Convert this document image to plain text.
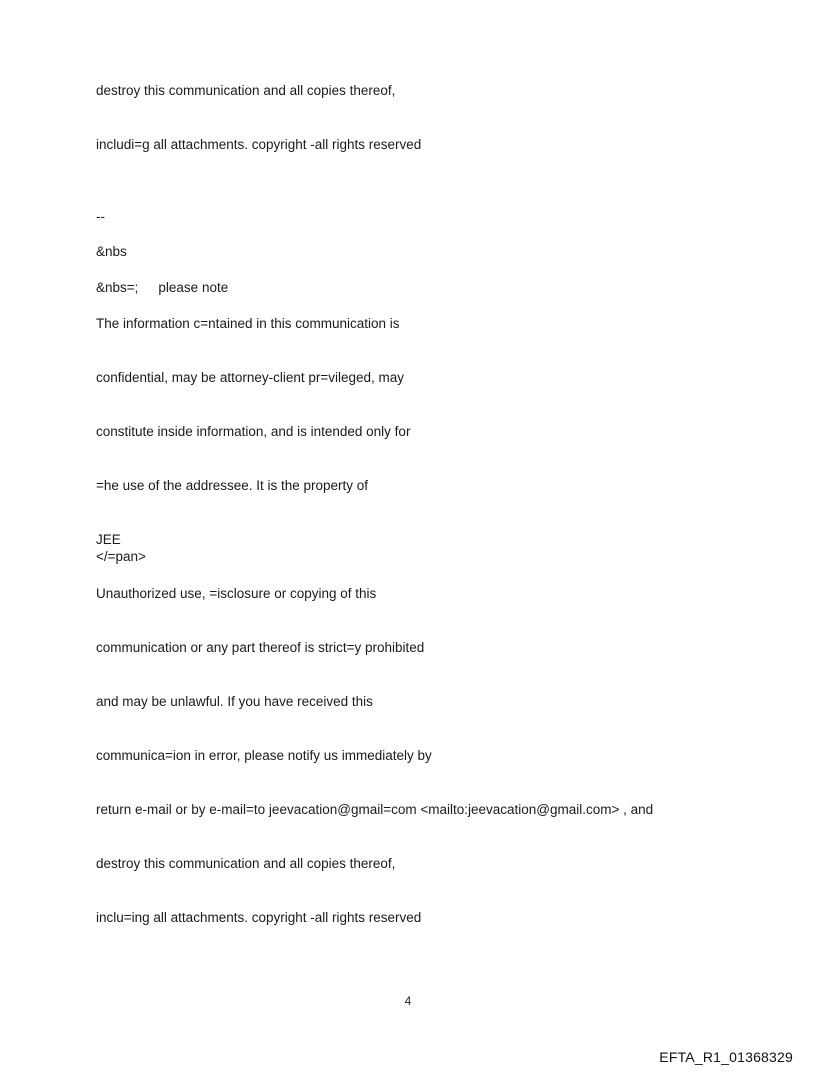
destroy this communication and all copies thereof,

includi=g all attachments. copyright -all rights reserved

--

&nbs

&nbs=; please note

The information c=ntained in this communication is

confidential, may be attorney-client pr=vileged, may

constitute inside information, and is intended only for

=he use of the addressee. It is the property of

JEE

Unauthorized use, =isclosure or copying of this

communication or any part thereof is strict=y prohibited

and may be unlawful. If you have received this

communica=ion in error, please notify us immediately by

return e-mail or by e-mail=to jeevacation@gmail=com <mailto:jeevacation@gmail.com> , and

destroy this communication and all copies thereof,

inclu=ing all attachments. copyright -all rights reserved

</=pan>

4
EFTA_R1_01368329
